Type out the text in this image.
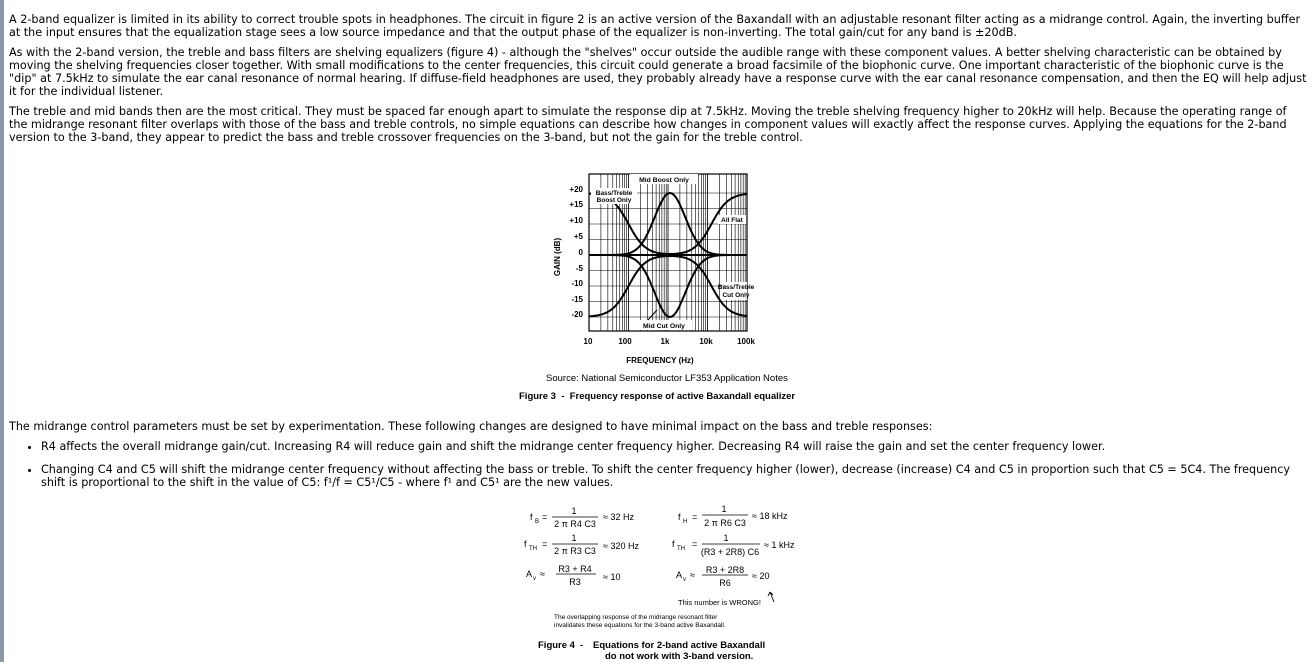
A 2-band equalizer is limited in its ability to correct trouble spots in headphones. The circuit in figure 2 is an active version of the Baxandall with an adjustable resonant filter acting as a midrange control. Again, the inverting buffer at the input ensures that the equalization stage sees a low source impedance and that the output phase of the equalizer is non-inverting. The total gain/cut for any band is ±20dB.

As with the 2-band version, the treble and bass filters are shelving equalizers (figure 4) - although the "shelves" occur outside the audible range with these component values. A better shelving characteristic can be obtained by moving the shelving frequencies closer together. With small modifications to the center frequencies, this circuit could generate a broad facsimile of the biophonic curve. One important characteristic of the biophonic curve is the "dip" at 7.5kHz to simulate the ear canal resonance of normal hearing. If diffuse-field headphones are used, they probably already have a response curve with the ear canal resonance compensation, and then the EQ will help adjust it for the individual listener.

The treble and mid bands then are the most critical. They must be spaced far enough apart to simulate the response dip at 7.5kHz. Moving the treble shelving frequency higher to 20kHz will help. Because the operating range of the midrange resonant filter overlaps with those of the bass and treble controls, no simple equations can describe how changes in component values will exactly affect the response curves. Applying the equations for the 2-band version to the 3-band, they appear to predict the bass and treble crossover frequencies on the 3-band, but not the gain for the treble control.

+20
+15
+10
+5
0
-5
-10
-15
-20
GAIN (dB)
10	100	1k	10k	100k
FREQUENCY (Hz)
Mid Boost Only
Bass/Treble
Boost Only
All Flat
Bass/Treble
Cut Only
Mid Cut Only
Source: National Semiconductor LF353 Application Notes
Figure 3  -  Frequency response of active Baxandall equalizer

The midrange control parameters must be set by experimentation. These following changes are designed to have minimal impact on the bass and treble responses:

• R4 affects the overall midrange gain/cut. Increasing R4 will reduce gain and shift the midrange center frequency higher. Decreasing R4 will raise the gain and set the center frequency lower.
• Changing C4 and C5 will shift the midrange center frequency without affecting the bass or treble. To shift the center frequency higher (lower), decrease (increase) C4 and C5 in proportion such that C5 = 5C4. The frequency shift is proportional to the shift in the value of C5: f¹/f = C5¹/C5 - where f¹ and C5¹ are the new values.
f B =
1
2 π R4 C3
≈ 32 Hz
f TH =
1
2 π R3 C3 ≈ 320 Hz
A v ≈ R3 + R4
R3 ≈ 10
f H =
1
2 π R6 C3
≈ 18 kHz
f TH =
1
(R3 + 2R8) C6
≈ 1 kHz
A v ≈ R3 + 2R8
R6
≈ 20
This number is WRONG!
The overlapping response of the midrange resonant filter
invalidates these equations for the 3-band active Baxandall.
Figure 4 - Equations for 2-band active Baxandall
do not work with 3-band version.
